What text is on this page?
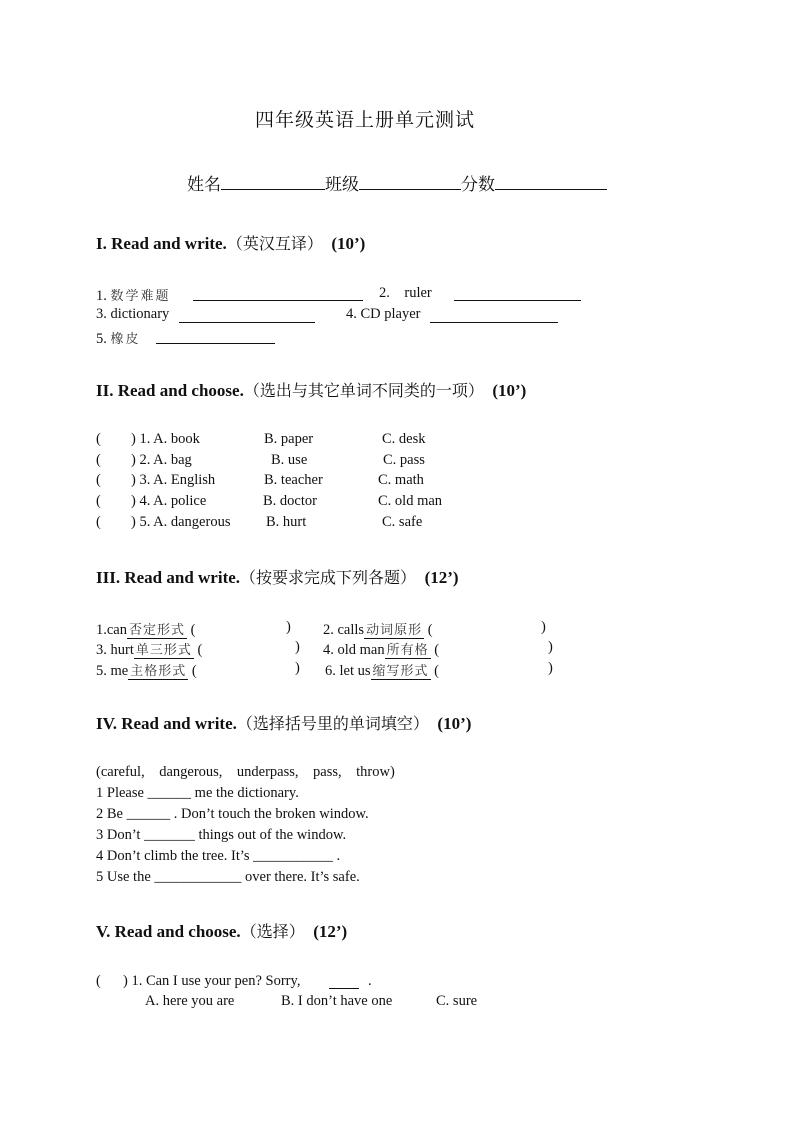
四年级英语上册单元测试
姓名	班级	分数
I. Read and write.（英汉互译） (10’)
1. 数学难题	2. ruler
3. dictionary	4. CD player
5. 橡皮
II. Read and choose.（选出与其它单词不同类的一项） (10’)
( ) 1. A. book	B. paper	C. desk
( ) 2. A. bag	B. use	C. pass
( ) 3. A. English	B. teacher	C. math
( ) 4. A. police	B. doctor	C. old man
( ) 5. A. dangerous B. hurt	C. safe
III. Read and write.（按要求完成下列各题） (12’)
1.can 否定形式 (	) 2. calls 动词原形 (	)
3. hurt 单三形式 (	) 4. old man 所有格 (	)
5. me 主格形式 (	) 6. let us 缩写形式 (	)
IV. Read and write.（选择括号里的单词填空） (10’)
(careful,    dangerous,    underpass,    pass,    throw)
1 Please ______ me the dictionary.
2 Be ______ . Don’t touch the broken window.
3 Don’t _______ things out of the window.
4 Don’t climb the tree. It’s ___________ .
5 Use the ____________ over there. It’s safe.
V. Read and choose.（选择） (12’)
( ) 1. Can I use your pen? Sorry,	.
A. here you are	B. I don’t have one	C. sure
